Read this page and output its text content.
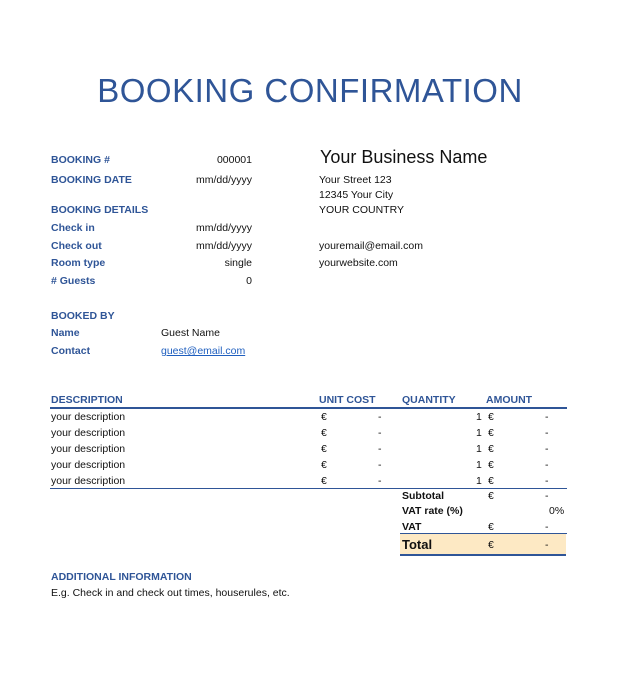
BOOKING CONFIRMATION
BOOKING #	000001
BOOKING DATE	mm/dd/yyyy
BOOKING DETAILS
Check in	mm/dd/yyyy
Check out	mm/dd/yyyy
Room type	single
# Guests	0
Your Business Name
Your Street 123
12345 Your City
YOUR COUNTRY
youremail@email.com
yourwebsite.com
BOOKED BY
Name	Guest Name
Contact	guest@email.com
DESCRIPTION	UNIT COST	QUANTITY	AMOUNT
your description	€	-	1 €	-
your description	€	-	1 €	-
your description	€	-	1 €	-
your description	€	-	1 €	-
your description	€	-	1 €	-
Subtotal	€	-
VAT rate (%)	0%
VAT	€	-
Total	€	-
ADDITIONAL INFORMATION
E.g. Check in and check out times, houserules, etc.
